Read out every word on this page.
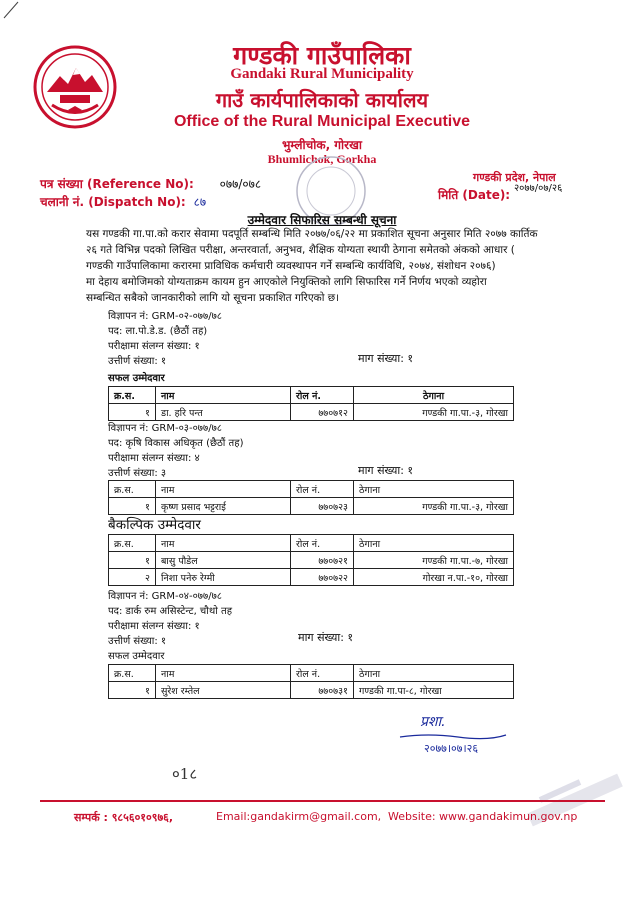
गण्डकी गाउँपालिका
Gandaki Rural Municipality
गाउँ कार्यपालिकाको कार्यालय
Office of the Rural Municipal Executive
भुम्लीचोक, गोरखा
Bhumlichok, Gorkha
पत्र संख्या (Reference No): ०७७/०७८
चलानी नं. (Dispatch No): ८७
गण्डकी प्रदेश, नेपाल
मिति (Date): $^{२०७७/०७/२६}$
उम्मेदवार सिफारिस सम्बन्धी सूचना
यस गण्डकी गा.पा.को करार सेवामा पदपूर्ति सम्बन्धि मिति २०७७/०६/२२ मा प्रकाशित सूचना अनुसार मिति २०७७ कार्तिक
२६ गते विभिन्न पदको लिखित परीक्षा, अन्तरवार्ता, अनुभव, शैक्षिक योग्यता स्थायी ठेगाना समेतको अंकको आधार (
गण्डकी गाउँपालिकामा करारमा प्राविधिक कर्मचारी व्यवस्थापन गर्ने सम्बन्धि कार्यविधि, २०७४, संशोधन २०७६)
मा देहाय बमोजिमको योग्यताक्रम कायम हुन आएकोले नियुक्तिको लागि सिफारिस गर्ने निर्णय भएको व्यहोरा
सम्बन्धित सबैको जानकारीको लागि यो सूचना प्रकाशित गरिएको छ।
विज्ञापन नं: GRM-०२-०७७/७८
पद: ला.पो.डे.ड. (छैठौं तह)
परीक्षामा संलग्न संख्या: १
उत्तीर्ण संख्या: १	माग संख्या: १
सफल उम्मेदवार
क्र.स.	नाम	रोल नं.	ठेगाना
१	डा. हरि पन्त	७७०७१२	गण्डकी गा.पा.-३, गोरखा
विज्ञापन नं: GRM-०३-०७७/७८
पद: कृषि विकास अधिकृत (छैठौं तह)
परीक्षामा संलग्न संख्या: ४
उत्तीर्ण संख्या: ३	माग संख्या: १
क्र.स.	नाम	रोल नं.	ठेगाना
१	कृष्ण प्रसाद भट्टराई	७७०७२३	गण्डकी गा.पा.-३, गोरखा
बैकल्पिक उम्मेदवार
क्र.स.	नाम	रोल नं.	ठेगाना
१	बासु पौडेल	७७०७२१	गण्डकी गा.पा.-७, गोरखा
२	निशा पनेरु रेग्मी	७७०७२२	गोरखा न.पा.-१०, गोरखा
विज्ञापन नं: GRM-०४-०७७/७८
पद: डार्क रुम असिस्टेन्ट, चौथो तह
परीक्षामा संलग्न संख्या: १
उत्तीर्ण संख्या: १	माग संख्या: १
सफल उम्मेदवार
क्र.स.	नाम	रोल नं.	ठेगाना
१	सुरेश रम्तेल	७७०७३१	गण्डकी गा.पा-८, गोरखा
प्रशा.
२०७७।०७।२६
०1८
सम्पर्क : ९८५६०१०९७६,	Email:gandakirm@gmail.com, Website: www.gandakimun.gov.np
